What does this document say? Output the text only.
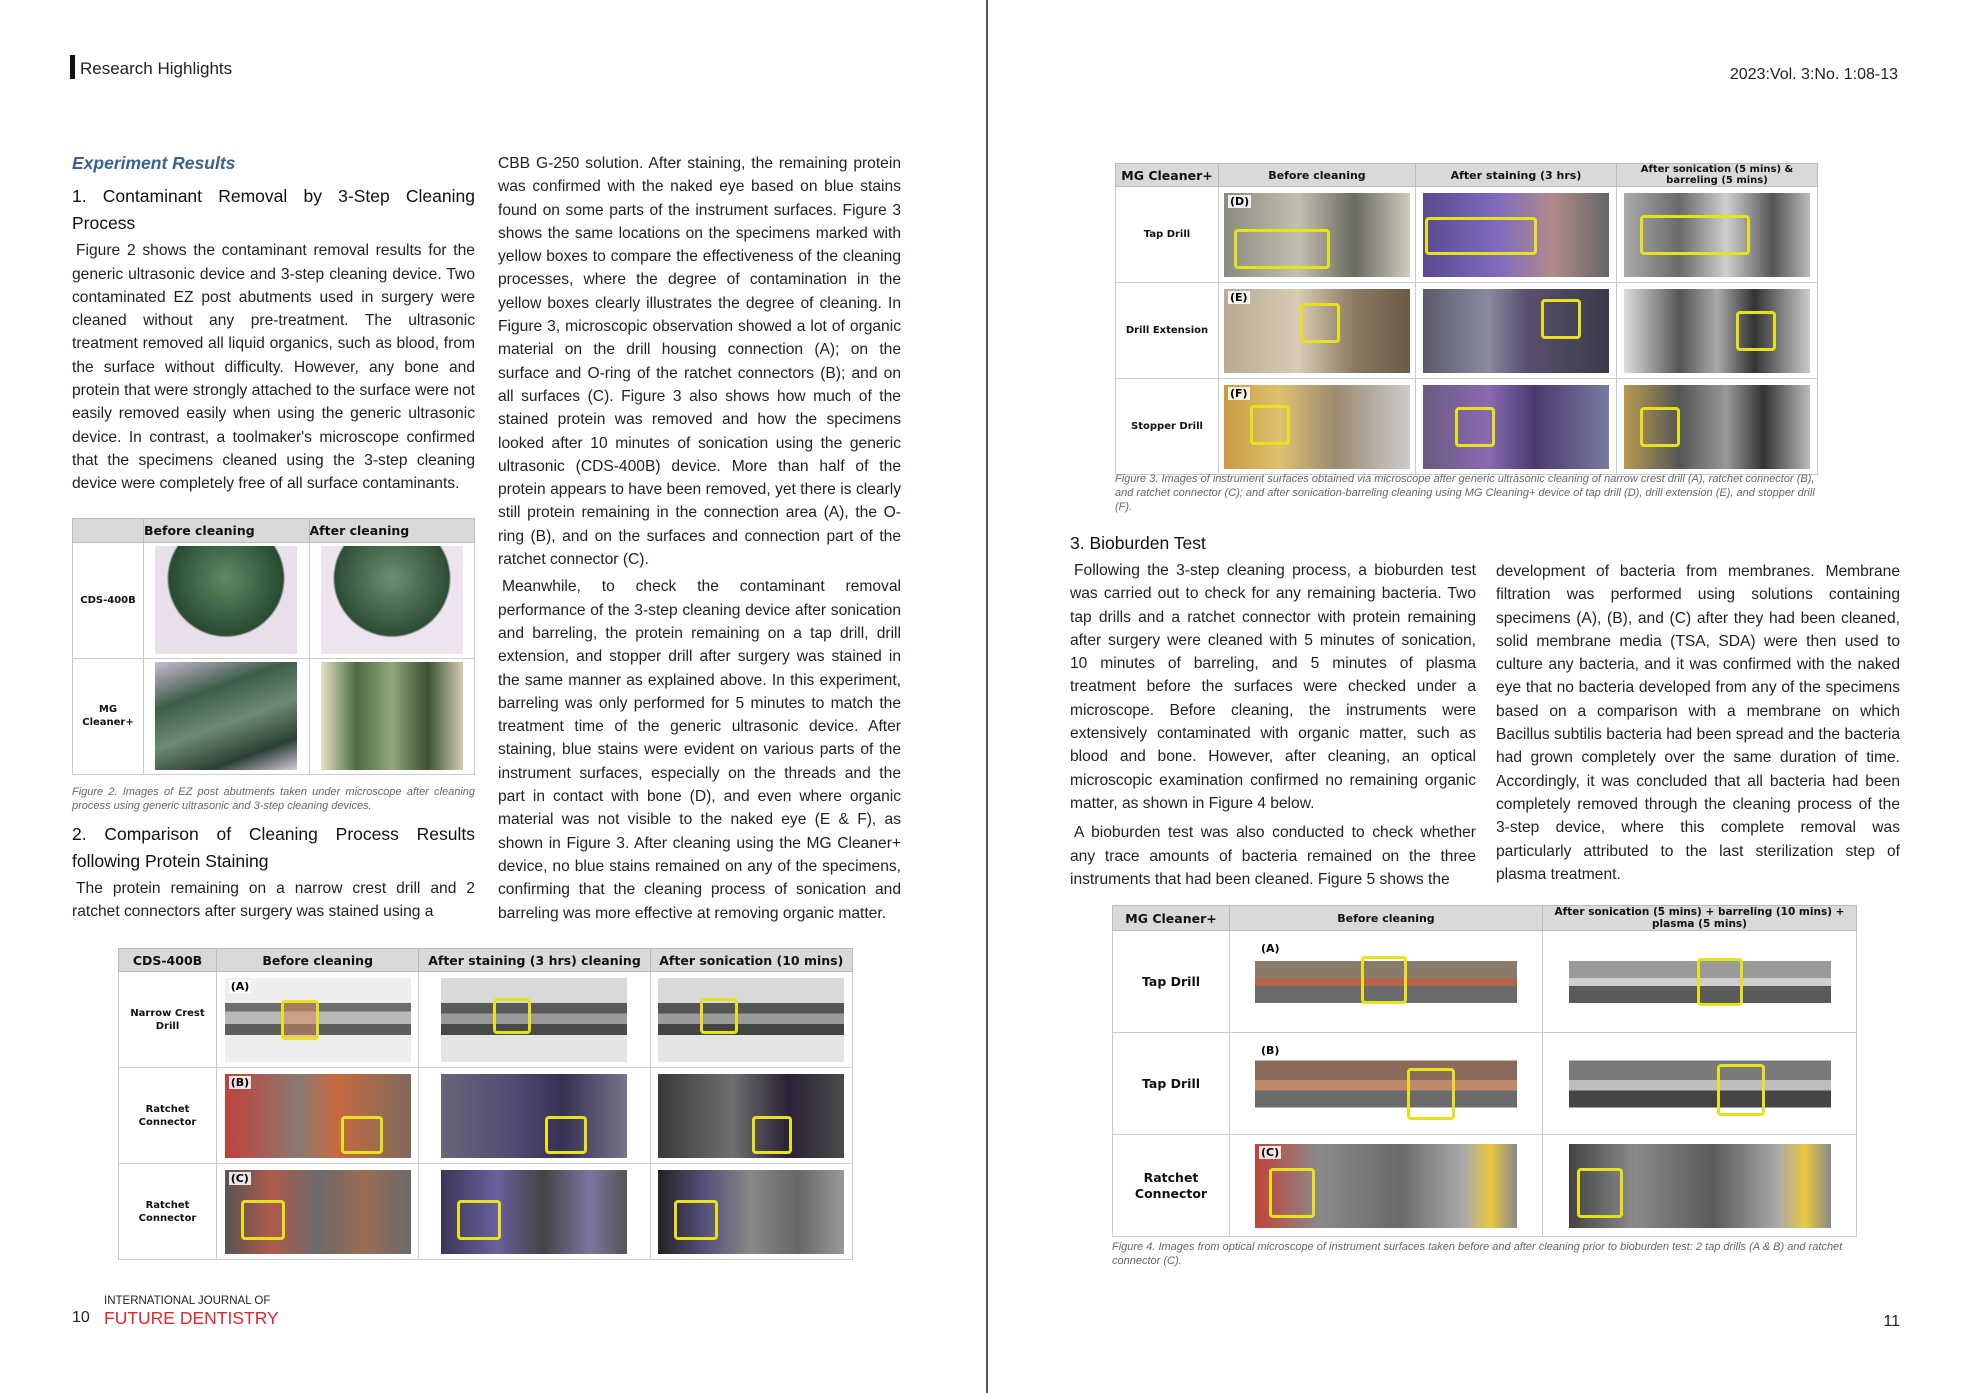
Research Highlights
Experiment Results
1. Contaminant Removal by 3-Step Cleaning Process

Figure 2 shows the contaminant removal results for the generic ultrasonic device and 3-step cleaning device. Two contaminated EZ post abutments used in surgery were cleaned without any pre-treatment. The ultrasonic treatment removed all liquid organics, such as blood, from the surface without difficulty. However, any bone and protein that were strongly attached to the surface were not easily removed easily when using the generic ultrasonic device. In contrast, a toolmaker's microscope confirmed that the specimens cleaned using the 3-step cleaning device were completely free of all surface contaminants.

	Before cleaning	After cleaning
CDS-400B		
MG Cleaner+		
Figure 2. Images of EZ post abutments taken under microscope after cleaning process using generic ultrasonic and 3-step cleaning devices.
2. Comparison of Cleaning Process Results following Protein Staining

The protein remaining on a narrow crest drill and 2 ratchet connectors after surgery was stained using a

CBB G-250 solution. After staining, the remaining protein was confirmed with the naked eye based on blue stains found on some parts of the instrument surfaces. Figure 3 shows the same locations on the specimens marked with yellow boxes to compare the effectiveness of the cleaning processes, where the degree of contamination in the yellow boxes clearly illustrates the degree of cleaning. In Figure 3, microscopic observation showed a lot of organic material on the drill housing connection (A); on the surface and O-ring of the ratchet connectors (B); and on all surfaces (C). Figure 3 also shows how much of the stained protein was removed and how the specimens looked after 10 minutes of sonication using the generic ultrasonic (CDS-400B) device. More than half of the protein appears to have been removed, yet there is clearly still protein remaining in the connection area (A), the O-ring (B), and on the surfaces and connection part of the ratchet connector (C).

Meanwhile, to check the contaminant removal performance of the 3-step cleaning device after sonication and barreling, the protein remaining on a tap drill, drill extension, and stopper drill after surgery was stained in the same manner as explained above. In this experiment, barreling was only performed for 5 minutes to match the treatment time of the generic ultrasonic device. After staining, blue stains were evident on various parts of the instrument surfaces, especially on the threads and the part in contact with bone (D), and even where organic material was not visible to the naked eye (E & F), as shown in Figure 3. After cleaning using the MG Cleaner+ device, no blue stains remained on any of the specimens, confirming that the cleaning process of sonication and barreling was more effective at removing organic matter.

CDS-400B	Before cleaning	After staining (3 hrs) cleaning	After sonication (10 mins)
Narrow Crest Drill	(A)		

Ratchet Connector	(B)		

Ratchet Connector	(C)		

INTERNATIONAL JOURNAL OF
FUTURE DENTISTRY
10
2023:Vol. 3:No. 1:08-13
MG Cleaner+	Before cleaning	After staining (3 hrs)	After sonication (5 mins) & barreling (5 mins)
Tap Drill	(D)		

Drill Extension	(E)		

Stopper Drill	(F)		

Figure 3. Images of instrument surfaces obtained via microscope after generic ultrasonic cleaning of narrow crest drill (A), ratchet connector (B), and ratchet connector (C); and after sonication-barreling cleaning using MG Cleaning+ device of tap drill (D), drill extension (E), and stopper drill (F).
3. Bioburden Test

Following the 3-step cleaning process, a bioburden test was carried out to check for any remaining bacteria. Two tap drills and a ratchet connector with protein remaining after surgery were cleaned with 5 minutes of sonication, 10 minutes of barreling, and 5 minutes of plasma treatment before the surfaces were checked under a microscope. Before cleaning, the instruments were extensively contaminated with organic matter, such as blood and bone. However, after cleaning, an optical microscopic examination confirmed no remaining organic matter, as shown in Figure 4 below.

A bioburden test was also conducted to check whether any trace amounts of bacteria remained on the three instruments that had been cleaned. Figure 5 shows the

development of bacteria from membranes. Membrane filtration was performed using solutions containing specimens (A), (B), and (C) after they had been cleaned, solid membrane media (TSA, SDA) were then used to culture any bacteria, and it was confirmed with the naked eye that no bacteria developed from any of the specimens based on a comparison with a membrane on which Bacillus subtilis bacteria had been spread and the bacteria had grown completely over the same duration of time. Accordingly, it was concluded that all bacteria had been completely removed through the cleaning process of the 3-step device, where this complete removal was particularly attributed to the last sterilization step of plasma treatment.

MG Cleaner+	Before cleaning	After sonication (5 mins) + barreling (10 mins) + plasma (5 mins)
Tap Drill	(A)	

Tap Drill	(B)	

Ratchet Connector	(C)	

Figure 4. Images from optical microscope of instrument surfaces taken before and after cleaning prior to bioburden test: 2 tap drills (A & B) and ratchet connector (C).
11
